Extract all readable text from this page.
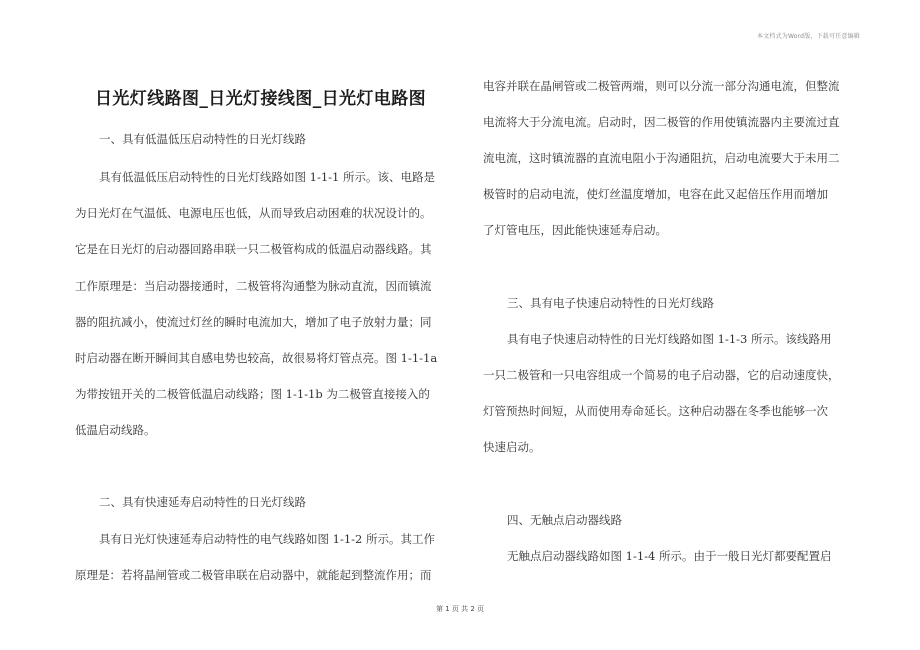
本文档式为Word版，下载可任意编辑
日光灯线路图_日光灯接线图_日光灯电路图
一、具有低温低压启动特性的日光灯线路
具有低温低压启动特性的日光灯线路如图 1-1-1 所示。该、电路是
为日光灯在气温低、电源电压也低，从而导致启动困难的状况设计的。
它是在日光灯的启动器回路串联一只二极管构成的低温启动器线路。其
工作原理是：当启动器接通时，二极管将沟通整为脉动直流，因而镇流
器的阻抗减小，使流过灯丝的瞬时电流加大，增加了电子放射力量；同
时启动器在断开瞬间其自感电势也较高，故很易将灯管点亮。图 1-1-1a
为带按钮开关的二极管低温启动线路；图 1-1-1b 为二极管直接接入的
低温启动线路。
二、具有快速延寿启动特性的日光灯线路
具有日光灯快速延寿启动特性的电气线路如图 1-1-2 所示。其工作
原理是：若将晶闸管或二极管串联在启动器中，就能起到整流作用；而
电容并联在晶闸管或二极管两端，则可以分流一部分沟通电流，但整流
电流将大于分流电流。启动时，因二极管的作用使镇流器内主要流过直
流电流，这时镇流器的直流电阻小于沟通阻抗，启动电流要大于未用二
极管时的启动电流，使灯丝温度增加，电容在此又起倍压作用而增加
了灯管电压，因此能快速延寿启动。
三、具有电子快速启动特性的日光灯线路
具有电子快速启动特性的日光灯线路如图 1-1-3 所示。该线路用
一只二极管和一只电容组成一个简易的电子启动器，它的启动速度快，
灯管预热时间短，从而使用寿命延长。这种启动器在冬季也能够一次
快速启动。
四、无触点启动器线路
无触点启动器线路如图 1-1-4 所示。由于一般日光灯都要配置启
第 1 页 共 2 页
